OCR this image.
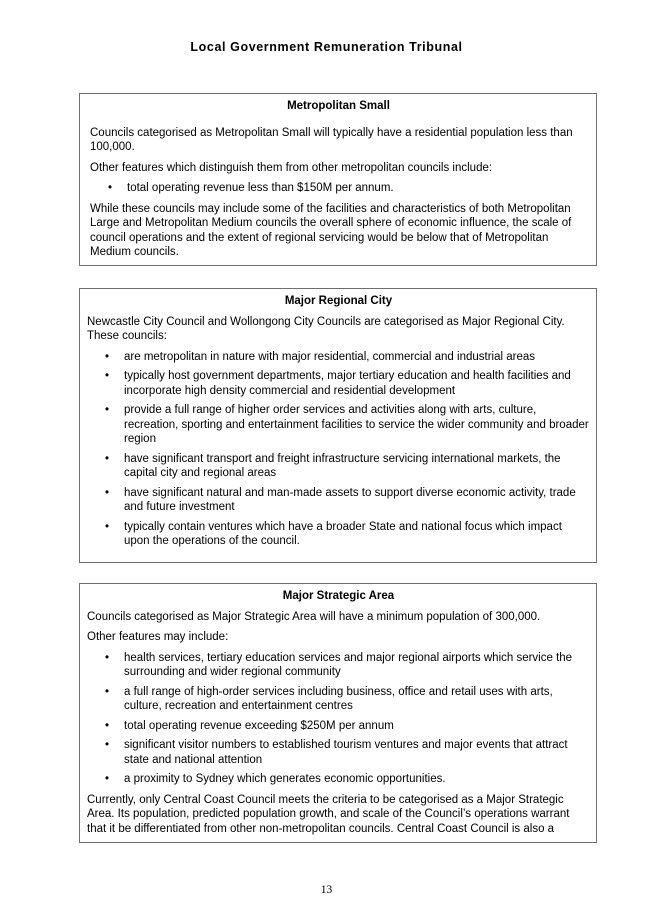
Local Government Remuneration Tribunal
Metropolitan Small

Councils categorised as Metropolitan Small will typically have a residential population less than 100,000.

Other features which distinguish them from other metropolitan councils include:

• total operating revenue less than $150M per annum.

While these councils may include some of the facilities and characteristics of both Metropolitan Large and Metropolitan Medium councils the overall sphere of economic influence, the scale of council operations and the extent of regional servicing would be below that of Metropolitan Medium councils.

Major Regional City

Newcastle City Council and Wollongong City Councils are categorised as Major Regional City. These councils:

• are metropolitan in nature with major residential, commercial and industrial areas
• typically host government departments, major tertiary education and health facilities and incorporate high density commercial and residential development
• provide a full range of higher order services and activities along with arts, culture, recreation, sporting and entertainment facilities to service the wider community and broader region
• have significant transport and freight infrastructure servicing international markets, the capital city and regional areas
• have significant natural and man-made assets to support diverse economic activity, trade and future investment
• typically contain ventures which have a broader State and national focus which impact upon the operations of the council.
Major Strategic Area

Councils categorised as Major Strategic Area will have a minimum population of 300,000.

Other features may include:

• health services, tertiary education services and major regional airports which service the surrounding and wider regional community
• a full range of high-order services including business, office and retail uses with arts, culture, recreation and entertainment centres
• total operating revenue exceeding $250M per annum
• significant visitor numbers to established tourism ventures and major events that attract state and national attention
• a proximity to Sydney which generates economic opportunities.

Currently, only Central Coast Council meets the criteria to be categorised as a Major Strategic Area. Its population, predicted population growth, and scale of the Council’s operations warrant that it be differentiated from other non-metropolitan councils. Central Coast Council is also a

13
